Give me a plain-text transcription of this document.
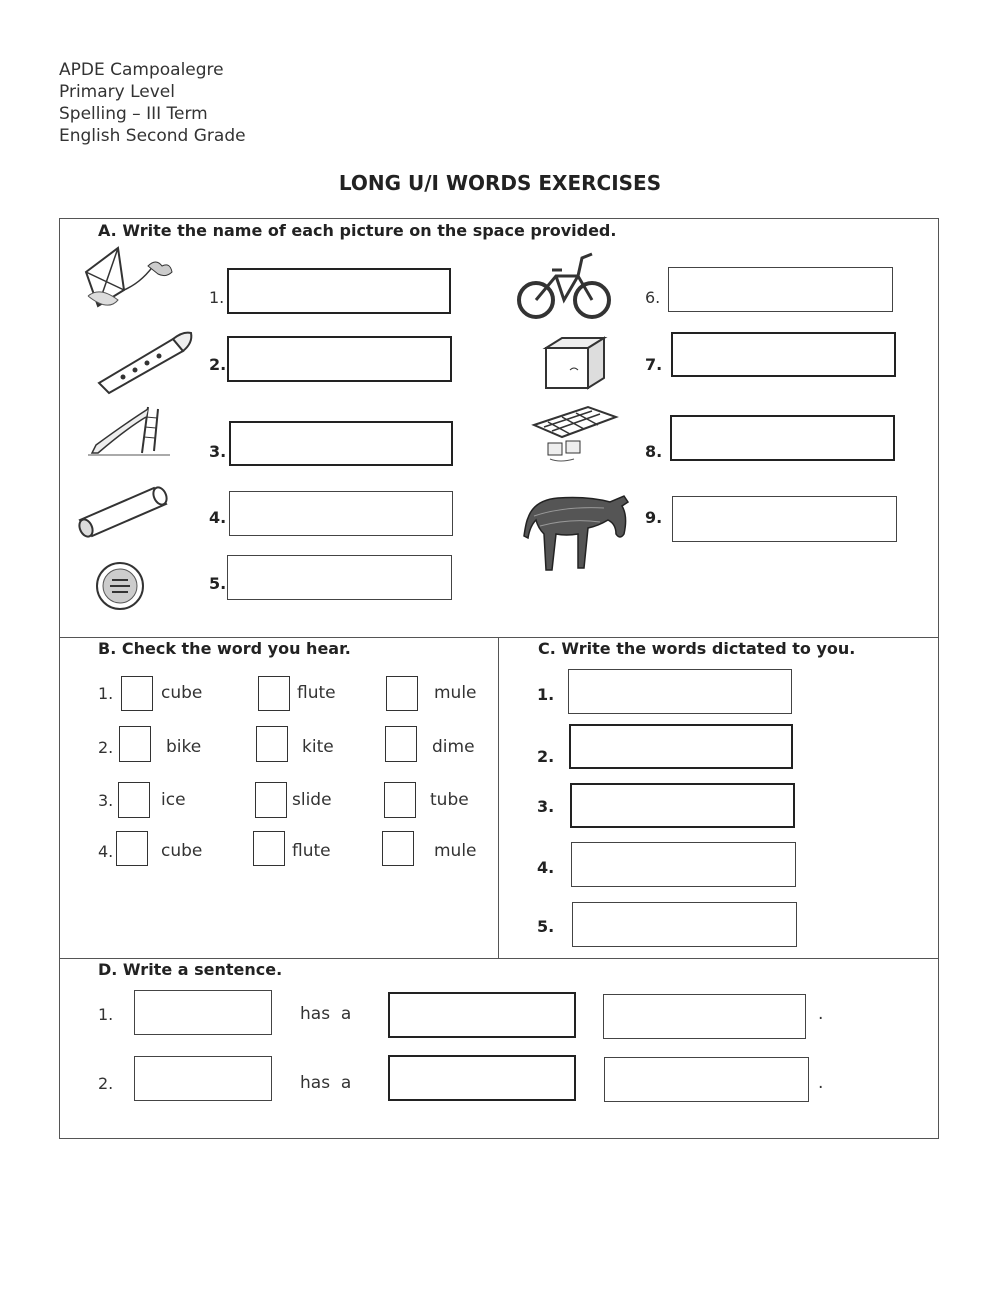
APDE Campoalegre
Primary Level
Spelling – III Term
English Second Grade
LONG U/I WORDS EXERCISES
A. Write the name of each picture on the space provided.
1.
2.
3.
4.
5.
6.
7.
8.
9.
B. Check the word you hear.
1.	cube	flute	mule
2.	bike	kite	dime
3.	ice	slide	tube
4.	cube	flute	mule
C. Write the words dictated to you.
1.
2.
3.
4.
5.
D. Write a sentence.
1.	has  a	.
2.	has  a	.
